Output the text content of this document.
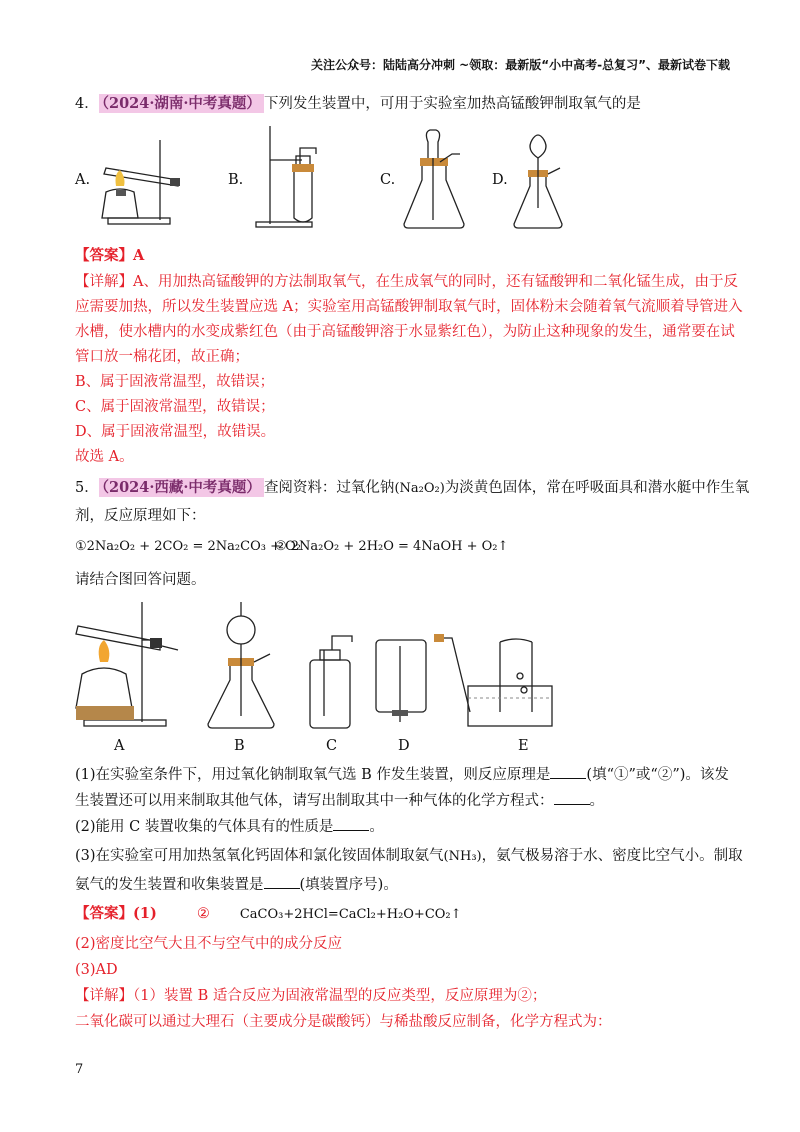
关注公众号：陆陆高分冲刺 ~领取：最新版“小中高考-总复习”、最新试卷下载
4． （2024·湖南·中考真题） 下列发生装置中，可用于实验室加热高锰酸钾制取氧气的是
A.	B.	C.	D.
【答案】A
【详解】A、用加热高锰酸钾的方法制取氧气，在生成氧气的同时，还有锰酸钾和二氧化锰生成，由于反
应需要加热，所以发生装置应选 A；实验室用高锰酸钾制取氧气时，固体粉末会随着氧气流顺着导管进入
水槽，使水槽内的水变成紫红色（由于高锰酸钾溶于水显紫红色），为防止这种现象的发生，通常要在试
管口放一棉花团，故正确；
B、属于固液常温型，故错误；
C、属于固液常温型，故错误；
D、属于固液常温型，故错误。
故选 A。
5． （2024·西藏·中考真题） 查阅资料：过氧化钠(Na₂O₂)为淡黄色固体，常在呼吸面具和潜水艇中作生氧
剂，反应原理如下：
①2Na₂O₂ + 2CO₂ = 2Na₂CO₃ + O₂
② 2Na₂O₂ + 2H₂O = 4NaOH + O₂↑
请结合图回答问题。
A	B	C	D	E
(1)在实验室条件下，用过氧化钠制取氧气选 B 作发生装置，则反应原理是 (填“①”或“②”)。该发
生装置还可以用来制取其他气体，请写出制取其中一种气体的化学方程式： 。
(2)能用 C 装置收集的气体具有的性质是 。
(3)在实验室可用加热氢氧化钙固体和氯化铵固体制取氨气(NH₃)，氨气极易溶于水、密度比空气小。制取
氨气的发生装置和收集装置是 (填装置序号)。
【答案】(1)	② CaCO₃+2HCl=CaCl₂+H₂O+CO₂↑
(2)密度比空气大且不与空气中的成分反应
(3)AD
【详解】（1）装置 B 适合反应为固液常温型的反应类型，反应原理为②；
二氧化碳可以通过大理石（主要成分是碳酸钙）与稀盐酸反应制备，化学方程式为：
7
